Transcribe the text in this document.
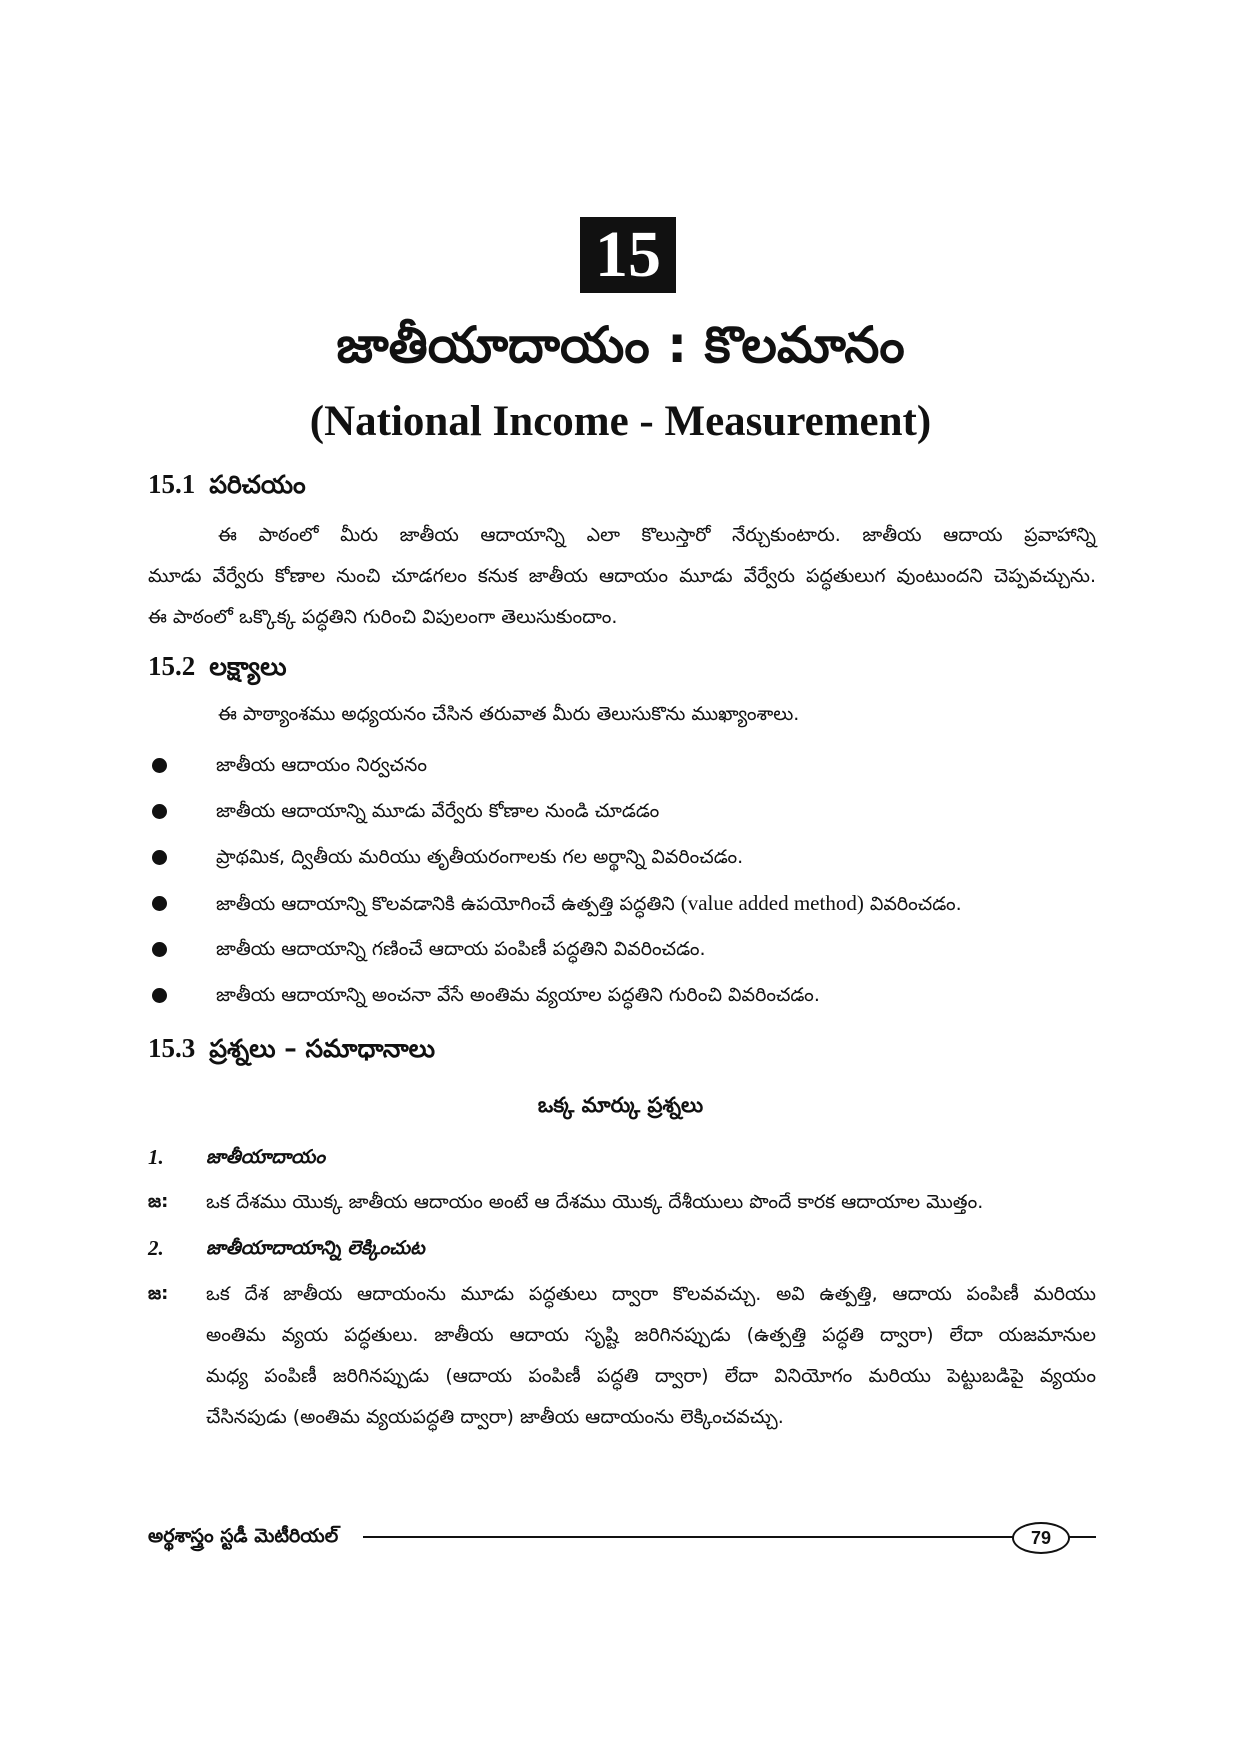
15
జాతీయాదాయం : కొలమానం
(National Income - Measurement)
15.1 పరిచయం
ఈ పాఠంలో మీరు జాతీయ ఆదాయాన్ని ఎలా కొలుస్తారో నేర్చుకుంటారు. జాతీయ ఆదాయ ప్రవాహాన్ని
మూడు వేర్వేరు కోణాల నుంచి చూడగలం కనుక జాతీయ ఆదాయం మూడు వేర్వేరు పద్ధతులుగ వుంటుందని చెప్పవచ్చును.
ఈ పాఠంలో ఒక్కొక్క పద్ధతిని గురించి విపులంగా తెలుసుకుందాం.
15.2 లక్ష్యాలు
ఈ పాఠ్యాంశము అధ్యయనం చేసిన తరువాత మీరు తెలుసుకొను ముఖ్యాంశాలు.
జాతీయ ఆదాయం నిర్వచనం
జాతీయ ఆదాయాన్ని మూడు వేర్వేరు కోణాల నుండి చూడడం
ప్రాథమిక, ద్వితీయ మరియు తృతీయరంగాలకు గల అర్థాన్ని వివరించడం.
జాతీయ ఆదాయాన్ని కొలవడానికి ఉపయోగించే ఉత్పత్తి పద్ధతిని (value added method) వివరించడం.
జాతీయ ఆదాయాన్ని గణించే ఆదాయ పంపిణీ పద్ధతిని వివరించడం.
జాతీయ ఆదాయాన్ని అంచనా వేసే అంతిమ వ్యయాల పద్ధతిని గురించి వివరించడం.
15.3 ప్రశ్నలు – సమాధానాలు
ఒక్క మార్కు ప్రశ్నలు
1. జాతీయాదాయం
జ: ఒక దేశము యొక్క జాతీయ ఆదాయం అంటే ఆ దేశము యొక్క దేశీయులు పొందే కారక ఆదాయాల మొత్తం.
2. జాతీయాదాయాన్ని లెక్కించుట
జ: ఒక దేశ జాతీయ ఆదాయంను మూడు పద్ధతులు ద్వారా కొలవవచ్చు. అవి ఉత్పత్తి, ఆదాయ పంపిణీ మరియు
అంతిమ వ్యయ పద్ధతులు. జాతీయ ఆదాయ సృష్టి జరిగినప్పుడు (ఉత్పత్తి పద్ధతి ద్వారా) లేదా యజమానుల
మధ్య పంపిణీ జరిగినప్పుడు (ఆదాయ పంపిణీ పద్ధతి ద్వారా) లేదా వినియోగం మరియు పెట్టుబడిపై వ్యయం
చేసినపుడు (అంతిమ వ్యయపద్ధతి ద్వారా) జాతీయ ఆదాయంను లెక్కించవచ్చు.
అర్థశాస్త్రం స్టడీ మెటీరియల్	79
